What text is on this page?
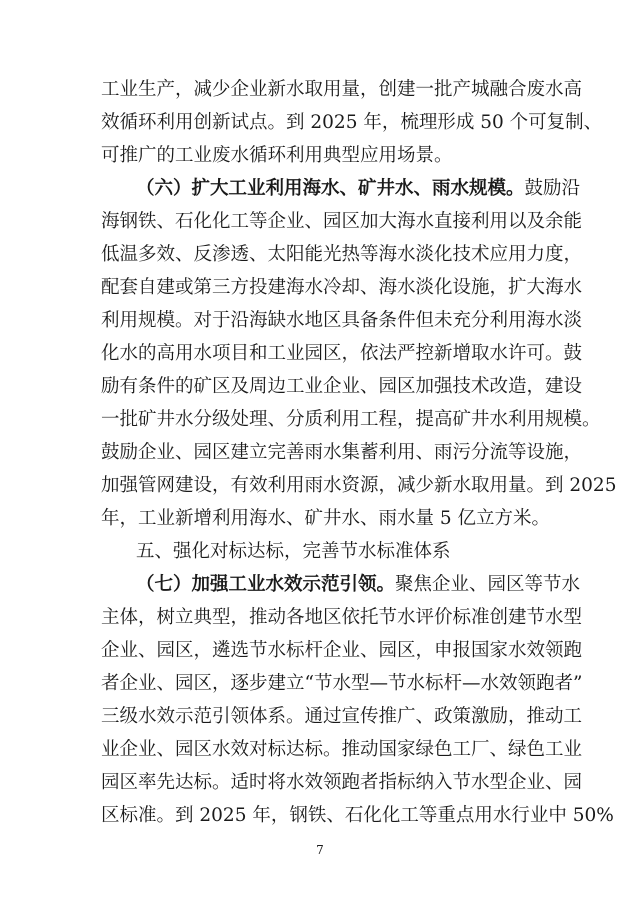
工业生产，减少企业新水取用量，创建一批产城融合废水高
效循环利用创新试点。到 2025 年，梳理形成 50 个可复制、
可推广的工业废水循环利用典型应用场景。
（六）扩大工业利用海水、矿井水、雨水规模。鼓励沿
海钢铁、石化化工等企业、园区加大海水直接利用以及余能
低温多效、反渗透、太阳能光热等海水淡化技术应用力度，
配套自建或第三方投建海水冷却、海水淡化设施，扩大海水
利用规模。对于沿海缺水地区具备条件但未充分利用海水淡
化水的高用水项目和工业园区，依法严控新增取水许可。鼓
励有条件的矿区及周边工业企业、园区加强技术改造，建设
一批矿井水分级处理、分质利用工程，提高矿井水利用规模。
鼓励企业、园区建立完善雨水集蓄利用、雨污分流等设施，
加强管网建设，有效利用雨水资源，减少新水取用量。到 2025
年，工业新增利用海水、矿井水、雨水量 5 亿立方米。
五、强化对标达标，完善节水标准体系
（七）加强工业水效示范引领。聚焦企业、园区等节水
主体，树立典型，推动各地区依托节水评价标准创建节水型
企业、园区，遴选节水标杆企业、园区，申报国家水效领跑
者企业、园区，逐步建立“节水型—节水标杆—水效领跑者”
三级水效示范引领体系。通过宣传推广、政策激励，推动工
业企业、园区水效对标达标。推动国家绿色工厂、绿色工业
园区率先达标。适时将水效领跑者指标纳入节水型企业、园
区标准。到 2025 年，钢铁、石化化工等重点用水行业中 50%
7
